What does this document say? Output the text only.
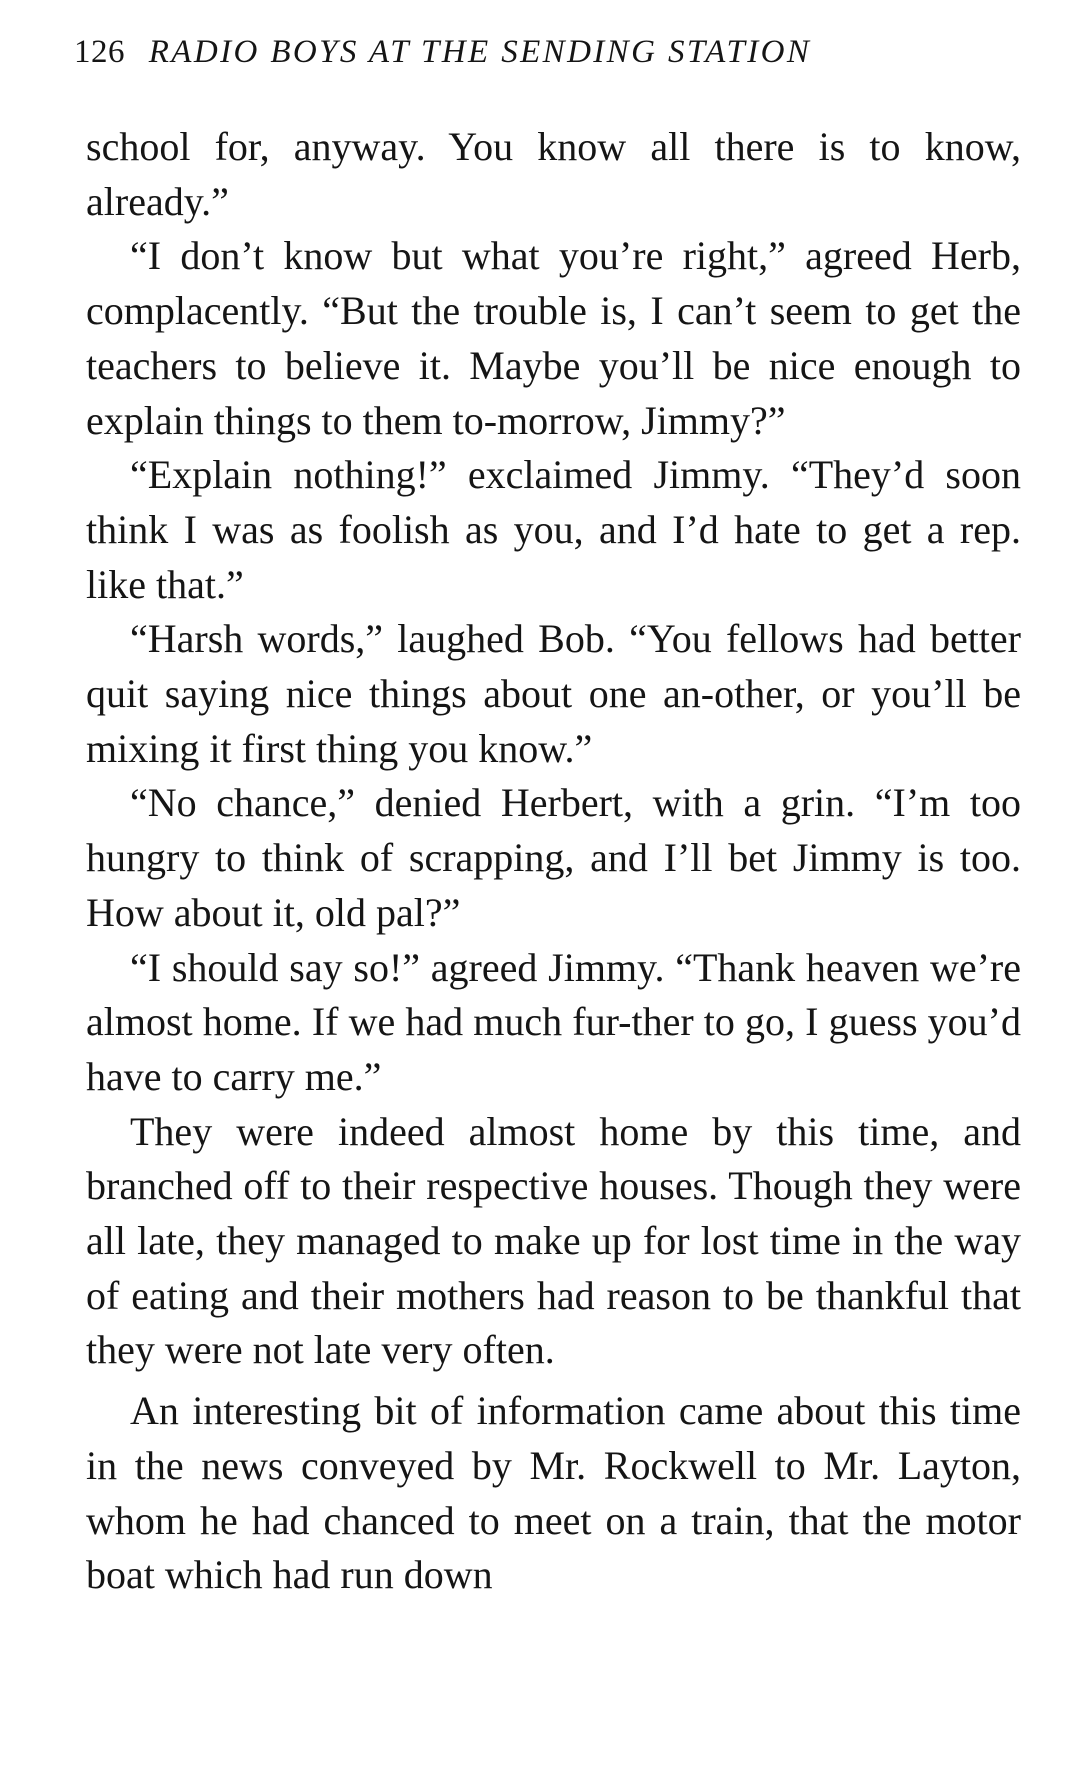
126 RADIO BOYS AT THE SENDING STATION

school for, anyway. You know all there is to know, already.”

“I don’t know but what you’re right,” agreed Herb, complacently. “But the trouble is, I can’t seem to get the teachers to believe it. Maybe you’ll be nice enough to explain things to them to-morrow, Jimmy?”

“Explain nothing!” exclaimed Jimmy. “They’d soon think I was as foolish as you, and I’d hate to get a rep. like that.”

“Harsh words,” laughed Bob. “You fellows had better quit saying nice things about one an-other, or you’ll be mixing it first thing you know.”

“No chance,” denied Herbert, with a grin. “I’m too hungry to think of scrapping, and I’ll bet Jimmy is too. How about it, old pal?”

“I should say so!” agreed Jimmy. “Thank heaven we’re almost home. If we had much fur-ther to go, I guess you’d have to carry me.”

They were indeed almost home by this time, and branched off to their respective houses. Though they were all late, they managed to make up for lost time in the way of eating and their mothers had reason to be thankful that they were not late very often.

An interesting bit of information came about this time in the news conveyed by Mr. Rockwell to Mr. Layton, whom he had chanced to meet on a train, that the motor boat which had run down
